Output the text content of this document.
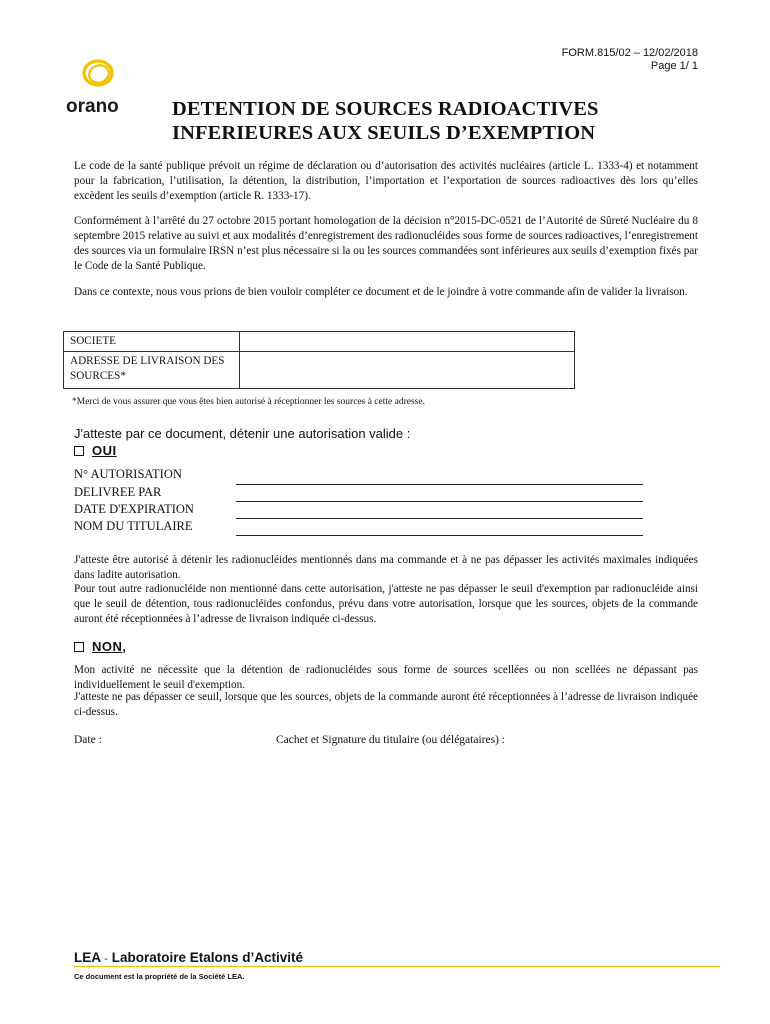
FORM.815/02 – 12/02/2018
Page 1/ 1
orano	DETENTION DE SOURCES RADIOACTIVES
INFERIEURES AUX SEUILS D’EXEMPTION
Le code de la santé publique prévoit un régime de déclaration ou d’autorisation des activités nucléaires (article L. 1333-4) et notamment pour la fabrication, l’utilisation, la détention, la distribution, l’importation et l’exportation de sources radioactives dès lors qu’elles excèdent les seuils d’exemption (article R. 1333-17).
Conformément à l’arrêté du 27 octobre 2015 portant homologation de la décision n°2015-DC-0521 de l’Autorité de Sûreté Nucléaire du 8 septembre 2015 relative au suivi et aux modalités d’enregistrement des radionucléides sous forme de sources radioactives, l’enregistrement des sources via un formulaire IRSN n’est plus nécessaire si la ou les sources commandées sont inférieures aux seuils d’exemption fixés par le Code de la Santé Publique.
Dans ce contexte, nous vous prions de bien vouloir compléter ce document et de le joindre à votre commande afin de valider la livraison.
SOCIETE	
ADRESSE DE LIVRAISON DES SOURCES*	
*Merci de vous assurer que vous êtes bien autorisé à réceptionner les sources à cette adresse.
J'atteste par ce document, détenir une autorisation valide :
OUI
N° AUTORISATION
DELIVREE PAR
DATE D'EXPIRATION
NOM DU TITULAIRE
J'atteste être autorisé à détenir les radionucléides mentionnés dans ma commande et à ne pas dépasser les activités maximales indiquées dans ladite autorisation.
Pour tout autre radionucléide non mentionné dans cette autorisation, j'atteste ne pas dépasser le seuil d'exemption par radionucléide ainsi que le seuil de détention, tous radionucléides confondus, prévu dans votre autorisation, lorsque que les sources, objets de la commande auront été réceptionnées à l’adresse de livraison indiquée ci-dessus.
NON ,
Mon activité ne nécessite que la détention de radionucléides sous forme de sources scellées ou non scellées ne dépassant pas individuellement le seuil d'exemption.
J'atteste ne pas dépasser ce seuil, lorsque que les sources, objets de la commande auront été réceptionnées à l’adresse de livraison indiquée ci-dessus.
Date :	Cachet et Signature du titulaire (ou délégataires) :
LEA - Laboratoire Etalons d’Activité
Ce document est la propriété de la Société LEA.
